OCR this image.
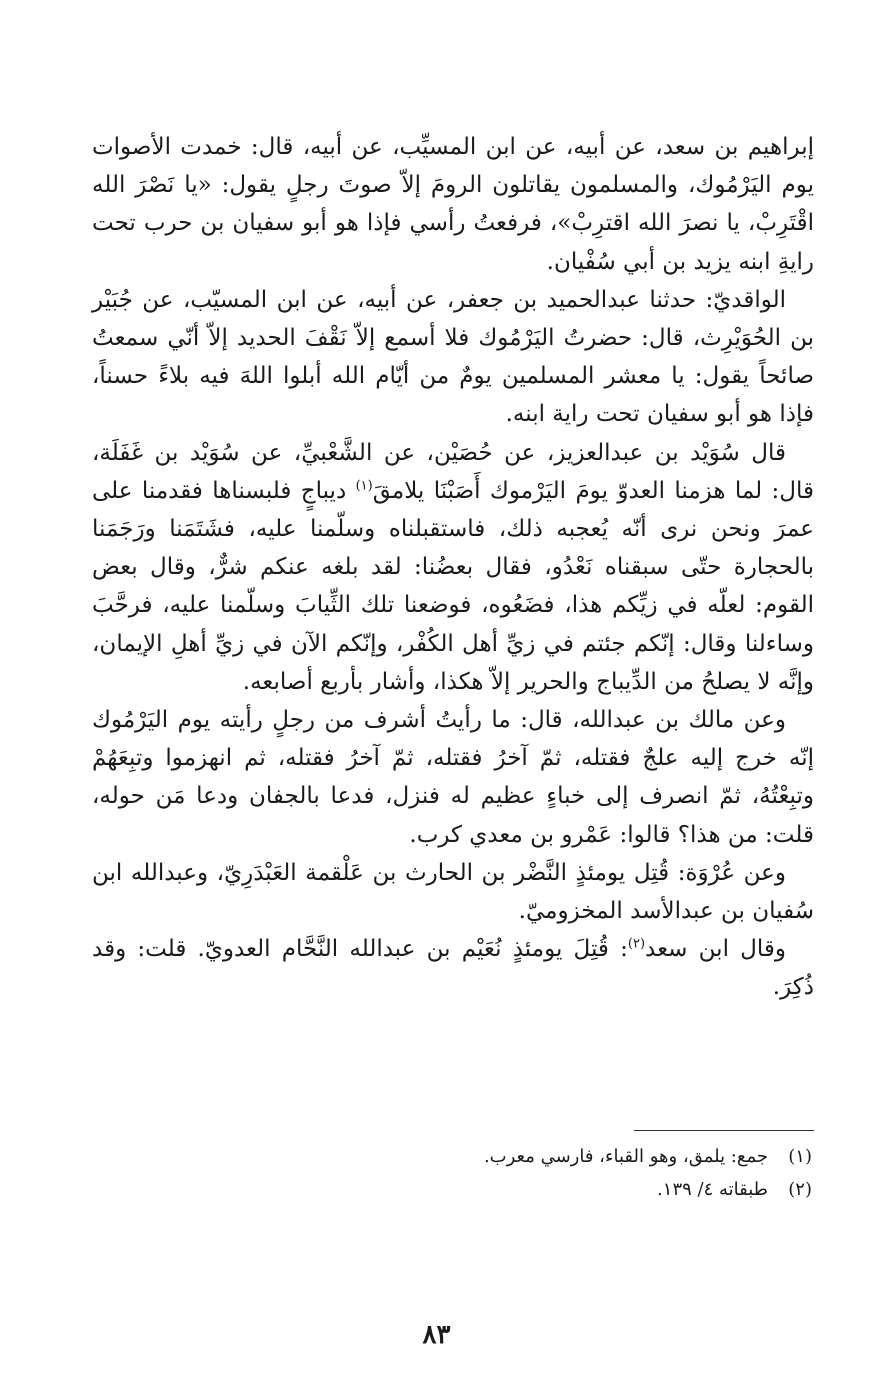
إبراهيم بن سعد، عن أبيه، عن ابن المسيِّب، عن أبيه، قال: خمدت الأصوات يوم اليَرْمُوك، والمسلمون يقاتلون الرومَ إلاّ صوتَ رجلٍ يقول: «يا نَصْرَ الله اقْتَرِبْ، يا نصرَ الله اقترِبْ»، فرفعتُ رأسي فإذا هو أبو سفيان بن حرب تحت رايةِ ابنه يزيد بن أبي سُفْيان.

الواقديّ: حدثنا عبدالحميد بن جعفر، عن أبيه، عن ابن المسيّب، عن جُبَيْر بن الحُوَيْرِث، قال: حضرتُ اليَرْمُوك فلا أسمع إلاّ نَقْفَ الحديد إلاّ أنّي سمعتُ صائحاً يقول: يا معشر المسلمين يومٌ من أيّام الله أبلوا اللهَ فيه بلاءً حسناً، فإذا هو أبو سفيان تحت راية ابنه.

قال سُوَيْد بن عبدالعزيز، عن حُصَيْن، عن الشَّعْبيِّ، عن سُوَيْد بن غَفَلَة، قال: لما هزمنا العدوّ يومَ اليَرْموك أَصَبْنَا يلامقَ$^{(١)}$ ديباجٍ فلبسناها فقدمنا على عمرَ ونحن نرى أنّه يُعجبه ذلك، فاستقبلناه وسلّمنا عليه، فشَتَمَنا ورَجَمَنا بالحجارة حتّى سبقناه نَعْدُو، فقال بعضُنا: لقد بلغه عنكم شرٌّ، وقال بعض القوم: لعلّه في زيِّكم هذا، فضَعُوه، فوضعنا تلك الثِّيابَ وسلّمنا عليه، فرحَّبَ وساءلنا وقال: إنّكم جئتم في زيِّ أهل الكُفْر، وإنّكم الآن في زيِّ أهلِ الإيمان، وإنَّه لا يصلحُ من الدِّيباج والحرير إلاّ هكذا، وأشار بأربع أصابعه.

وعن مالك بن عبدالله، قال: ما رأيتُ أشرف من رجلٍ رأيته يوم اليَرْمُوك إنّه خرج إليه علجٌ فقتله، ثمّ آخرُ فقتله، ثمّ آخرُ فقتله، ثم انهزموا وتبِعَهُمْ وتبِعْتُهُ، ثمّ انصرف إلى خباءٍ عظيم له فنزل، فدعا بالجفان ودعا مَن حوله، قلت: من هذا؟ قالوا: عَمْرو بن معدي كرب.

وعن عُرْوَة: قُتِل يومئذٍ النَّضْر بن الحارث بن عَلْقمة العَبْدَرِيّ، وعبدالله ابن سُفيان بن عبدالأسد المخزوميّ.

وقال ابن سعد$^{(٢)}$: قُتِلَ يومئذٍ نُعَيْم بن عبدالله النَّحَّام العدويّ. قلت: وقد ذُكِرَ.

(١)جمع: يلمق، وهو القباء، فارسي معرب.

(٢)طبقاته ٤/ ١٣٩.

٨٣
